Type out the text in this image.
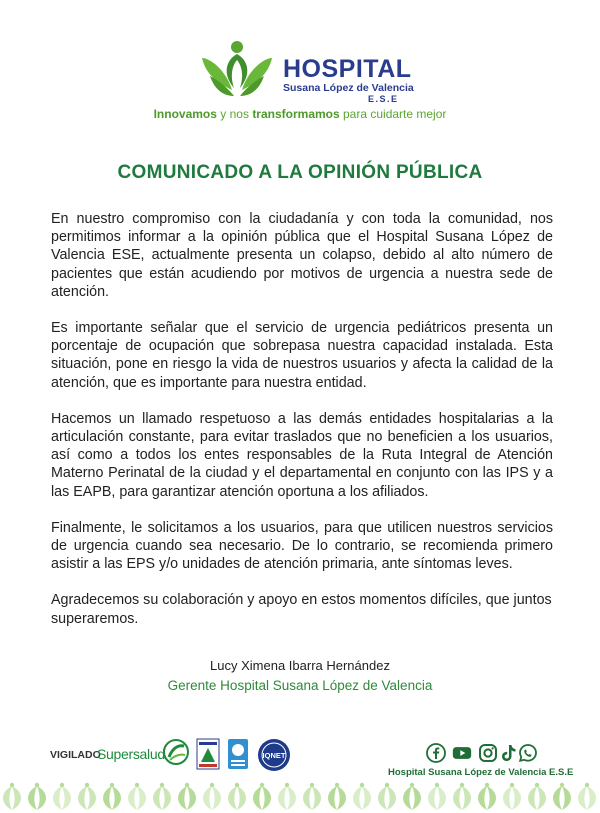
HOSPITAL
Susana López de Valencia
E.S.E
Innovamos y nos transformamos para cuidarte mejor
COMUNICADO A LA OPINIÓN PÚBLICA

En nuestro compromiso con la ciudadanía y con toda la comunidad, nos permitimos informar a la opinión pública que el Hospital Susana López de Valencia ESE, actualmente presenta un colapso, debido al alto número de pacientes que están acudiendo por motivos de urgencia a nuestra sede de atención.

Es importante señalar que el servicio de urgencia pediátricos presenta un porcentaje de ocupación que sobrepasa nuestra capacidad instalada. Esta situación, pone en riesgo la vida de nuestros usuarios y afecta la calidad de la atención, que es importante para nuestra entidad.

Hacemos un llamado respetuoso a las demás entidades hospitalarias a la articulación constante, para evitar traslados que no beneficien a los usuarios, así como a todos los entes responsables de la Ruta Integral de Atención Materno Perinatal de la ciudad y el departamental en conjunto con las IPS y a las EAPB, para garantizar atención oportuna a los afiliados.

Finalmente, le solicitamos a los usuarios, para que utilicen nuestros servicios de urgencia cuando sea necesario. De lo contrario, se recomienda primero asistir a las EPS y/o unidades de atención primaria, ante síntomas leves.

Agradecemos su colaboración y apoyo en estos momentos difíciles, que juntos superaremos.

Lucy Ximena Ibarra Hernández
Gerente Hospital Susana López de Valencia
VIGILADO
Supersalud	IQNET
Hospital Susana López de Valencia E.S.E
